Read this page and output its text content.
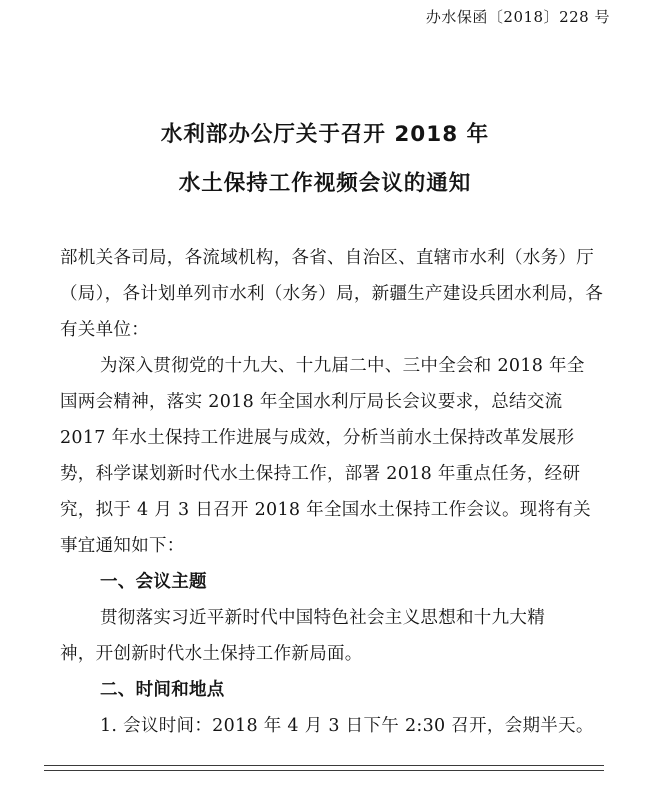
办水保函〔2018〕228 号
水利部办公厅关于召开 2018 年
水土保持工作视频会议的通知
部机关各司局，各流域机构，各省、自治区、直辖市水利（水务）厅
（局），各计划单列市水利（水务）局，新疆生产建设兵团水利局，各
有关单位：
为深入贯彻党的十九大、十九届二中、三中全会和 2018 年全
国两会精神，落实 2018 年全国水利厅局长会议要求，总结交流
2017 年水土保持工作进展与成效，分析当前水土保持改革发展形
势，科学谋划新时代水土保持工作，部署 2018 年重点任务，经研
究，拟于 4 月 3 日召开 2018 年全国水土保持工作会议。现将有关
事宜通知如下：
一、会议主题
贯彻落实习近平新时代中国特色社会主义思想和十九大精
神，开创新时代水土保持工作新局面。
二、时间和地点
1. 会议时间：2018 年 4 月 3 日下午 2:30 召开，会期半天。
